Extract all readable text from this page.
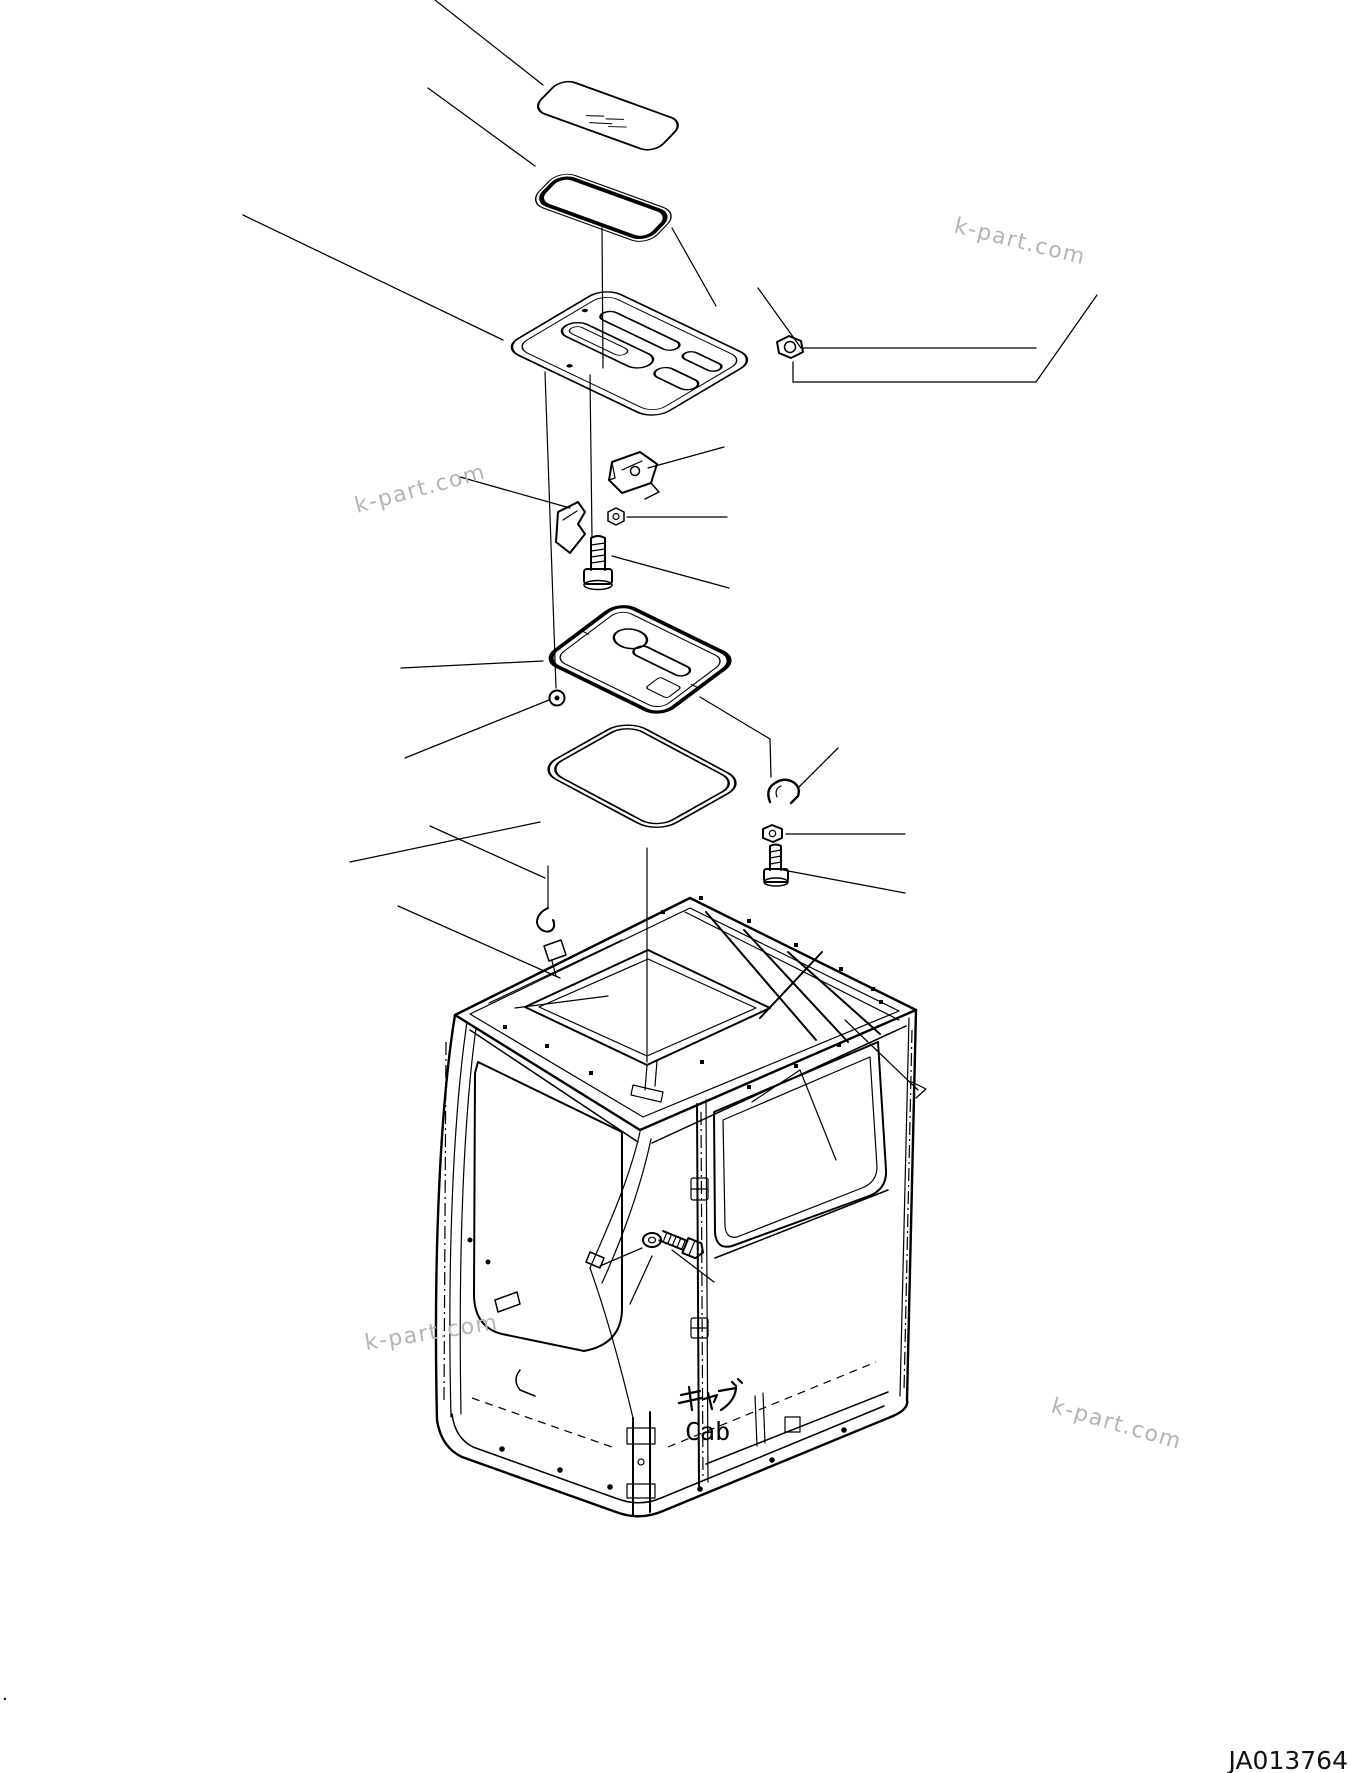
キャブ
Cab
k-part.com
k-part.com
k-part.com
k-part.com
JA013764
.
